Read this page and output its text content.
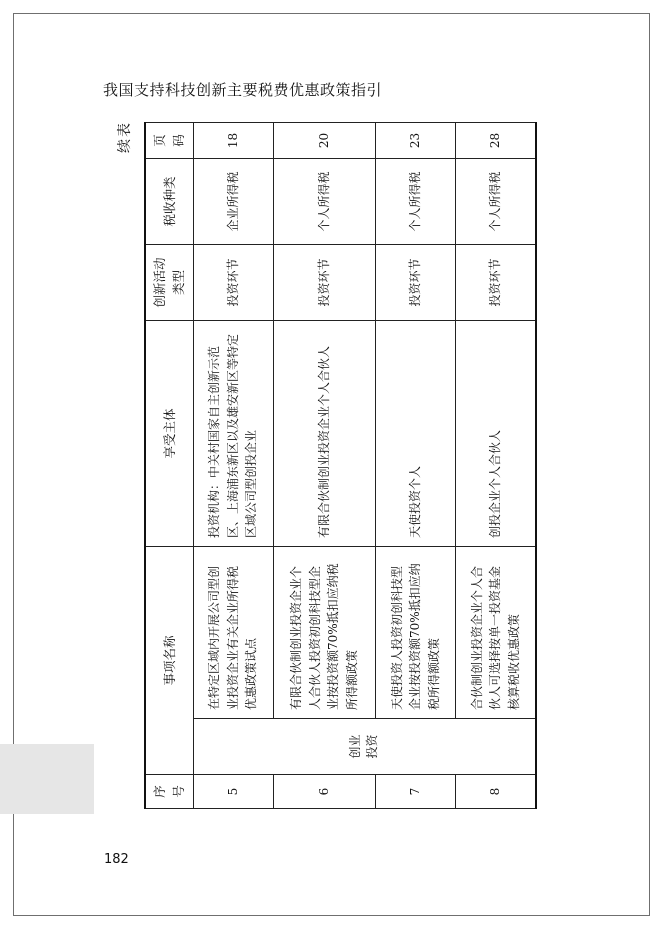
我国支持科技创新主要税费优惠政策指引
182
续表
序号	事项名称		享受主体	创新活动类型	税收种类	页码
5	创业投资	在特定区域内开展公司型创业投资企业有关企业所得税优惠政策试点	投资机构：中关村国家自主创新示范区、上海浦东新区以及雄安新区等特定区域公司型创投企业	投资环节	企业所得税	18
6		有限合伙制创业投资企业个人合伙人投资初创科技型企业按投资额70%抵扣应纳税所得额政策	有限合伙制创业投资企业个人合伙人	投资环节	个人所得税	20
7		天使投资人投资初创科技型企业按投资额70%抵扣应纳税所得额政策	天使投资个人	投资环节	个人所得税	23
8		合伙制创业投资企业个人合伙人可选择按单一投资基金核算税收优惠政策	创投企业个人合伙人	投资环节	个人所得税	28
